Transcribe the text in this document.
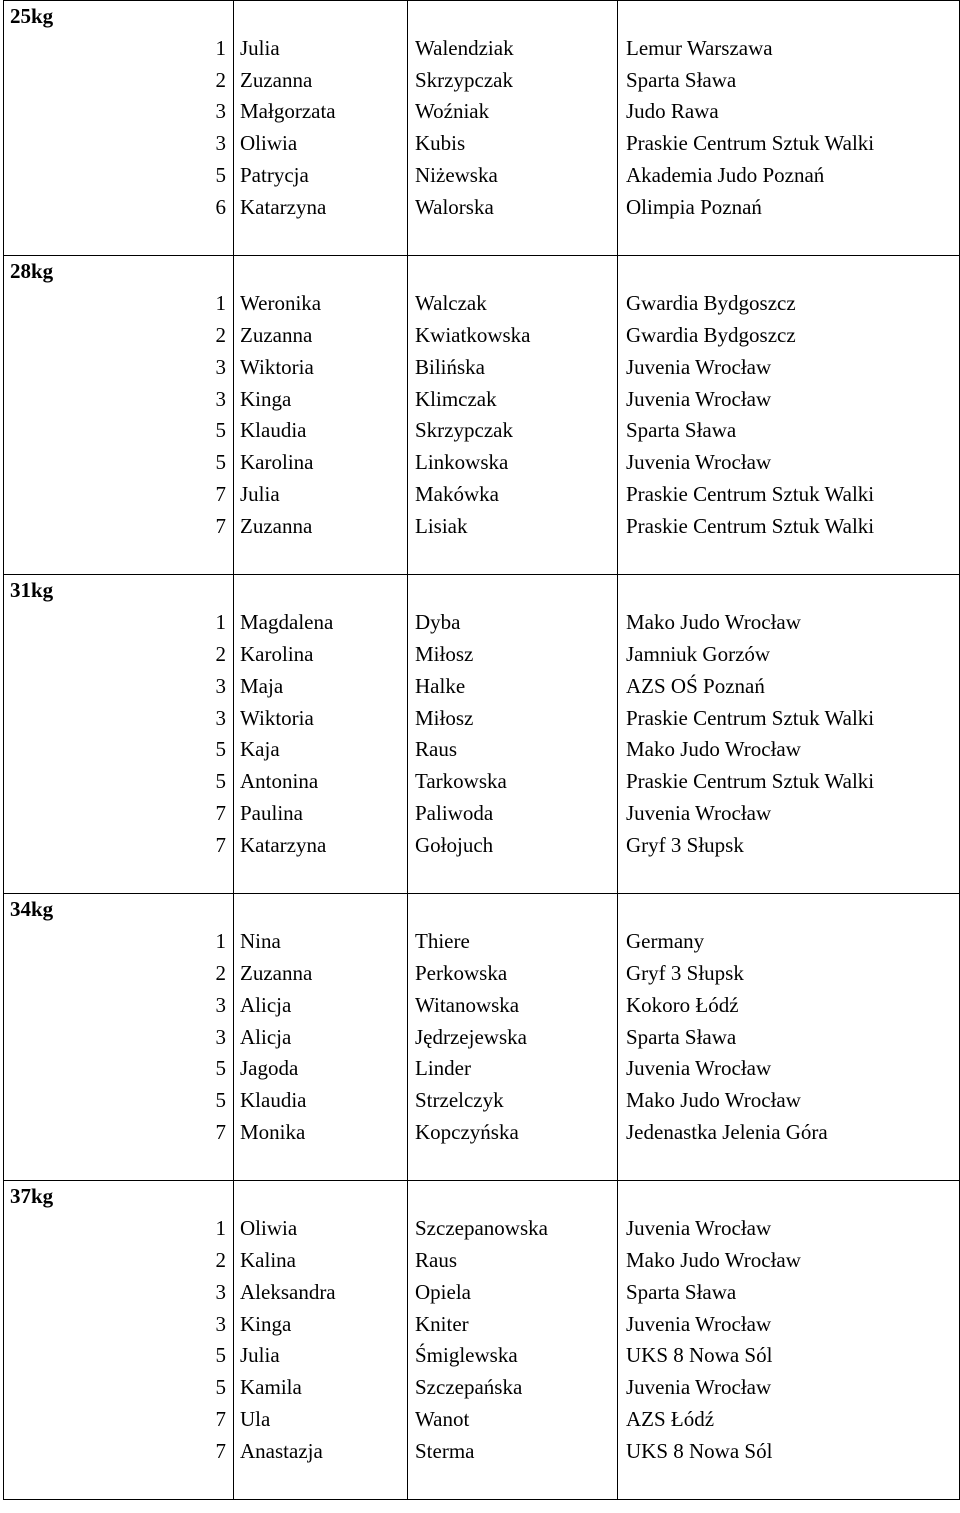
25kg			

1	Julia	Walendziak	Lemur Warszawa

2	Zuzanna	Skrzypczak	Sparta Sława

3	Małgorzata	Woźniak	Judo Rawa

3	Oliwia	Kubis	Praskie Centrum Sztuk Walki

5	Patrycja	Niżewska	Akademia Judo Poznań

6	Katarzyna	Walorska	Olimpia Poznań

28kg			

1	Weronika	Walczak	Gwardia Bydgoszcz

2	Zuzanna	Kwiatkowska	Gwardia Bydgoszcz

3	Wiktoria	Bilińska	Juvenia Wrocław

3	Kinga	Klimczak	Juvenia Wrocław

5	Klaudia	Skrzypczak	Sparta Sława

5	Karolina	Linkowska	Juvenia Wrocław

7	Julia	Makówka	Praskie Centrum Sztuk Walki

7	Zuzanna	Lisiak	Praskie Centrum Sztuk Walki

31kg			

1	Magdalena	Dyba	Mako Judo Wrocław

2	Karolina	Miłosz	Jamniuk Gorzów

3	Maja	Halke	AZS OŚ Poznań

3	Wiktoria	Miłosz	Praskie Centrum Sztuk Walki

5	Kaja	Raus	Mako Judo Wrocław

5	Antonina	Tarkowska	Praskie Centrum Sztuk Walki

7	Paulina	Paliwoda	Juvenia Wrocław

7	Katarzyna	Gołojuch	Gryf 3 Słupsk

34kg			

1	Nina	Thiere	Germany

2	Zuzanna	Perkowska	Gryf 3 Słupsk

3	Alicja	Witanowska	Kokoro Łódź

3	Alicja	Jędrzejewska	Sparta Sława

5	Jagoda	Linder	Juvenia Wrocław

5	Klaudia	Strzelczyk	Mako Judo Wrocław

7	Monika	Kopczyńska	Jedenastka Jelenia Góra

37kg			

1	Oliwia	Szczepanowska	Juvenia Wrocław

2	Kalina	Raus	Mako Judo Wrocław

3	Aleksandra	Opiela	Sparta Sława

3	Kinga	Kniter	Juvenia Wrocław

5	Julia	Śmiglewska	UKS 8 Nowa Sól

5	Kamila	Szczepańska	Juvenia Wrocław

7	Ula	Wanot	AZS Łódź

7	Anastazja	Sterma	UKS 8 Nowa Sól
